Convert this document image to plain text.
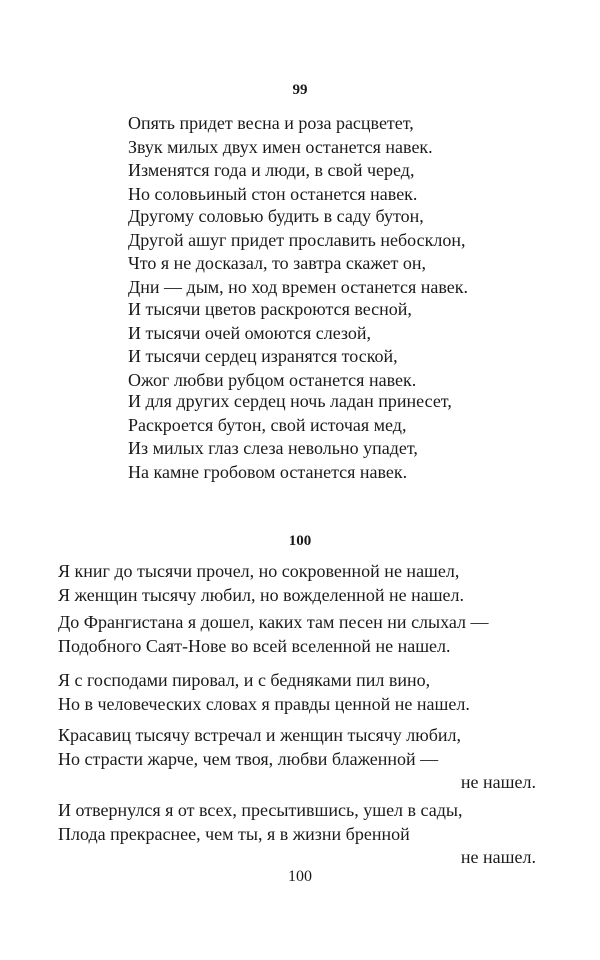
99
Опять придет весна и роза расцветет,
Звук милых двух имен останется навек.
Изменятся года и люди, в свой черед,
Но соловьиный стон останется навек.
Другому соловью будить в саду бутон,
Другой ашуг придет прославить небосклон,
Что я не досказал, то завтра скажет он,
Дни — дым, но ход времен останется навек.
И тысячи цветов раскроются весной,
И тысячи очей омоются слезой,
И тысячи сердец изранятся тоской,
Ожог любви рубцом останется навек.
И для других сердец ночь ладан принесет,
Раскроется бутон, свой источая мед,
Из милых глаз слеза невольно упадет,
На камне гробовом останется навек.
100
Я книг до тысячи прочел, но сокровенной не нашел,
Я женщин тысячу любил, но вожделенной не нашел.
До Франгистана я дошел, каких там песен ни слыхал —
Подобного Саят-Нове во всей вселенной не нашел.
Я с господами пировал, и с бедняками пил вино,
Но в человеческих словах я правды ценной не нашел.
Красавиц тысячу встречал и женщин тысячу любил,
Но страсти жарче, чем твоя, любви блаженной —
не нашел.
И отвернулся я от всех, пресытившись, ушел в сады,
Плода прекраснее, чем ты, я в жизни бренной
не нашел.
100
